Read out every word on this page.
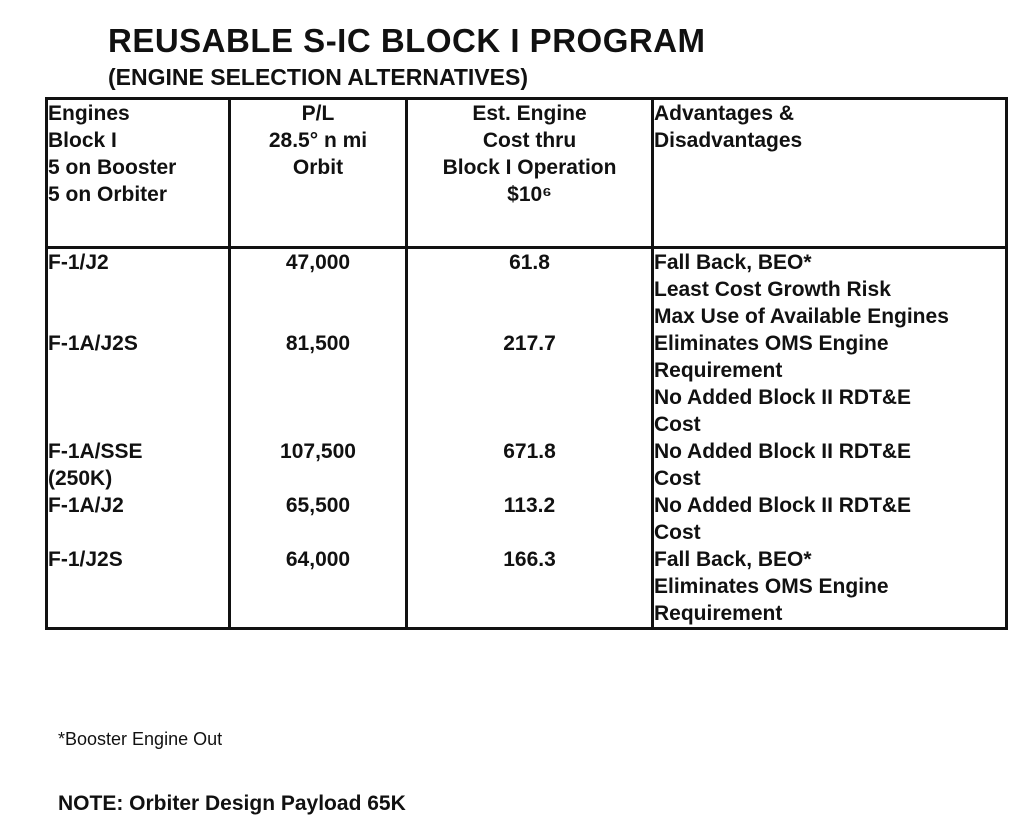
REUSABLE S-IC BLOCK I PROGRAM
(ENGINE SELECTION ALTERNATIVES)
Engines
Block I
5 on Booster
5 on Orbiter	P/L
28.5° n mi
Orbit	Est. Engine
Cost thru
Block I Operation
$10⁶	Advantages &
Disadvantages

F-1/J2	47,000	61.8	Fall Back, BEO*
Least Cost Growth Risk
Max Use of Available Engines

F-1A/J2S	81,500	217.7	Eliminates OMS Engine
Requirement
No Added Block II RDT&E
Cost

F-1A/SSE
(250K)	107,500	671.8	No Added Block II RDT&E
Cost

F-1A/J2	65,500	113.2	No Added Block II RDT&E
Cost

F-1/J2S	64,000	166.3	Fall Back, BEO*
Eliminates OMS Engine
Requirement
*Booster Engine Out
NOTE: Orbiter Design Payload 65K
